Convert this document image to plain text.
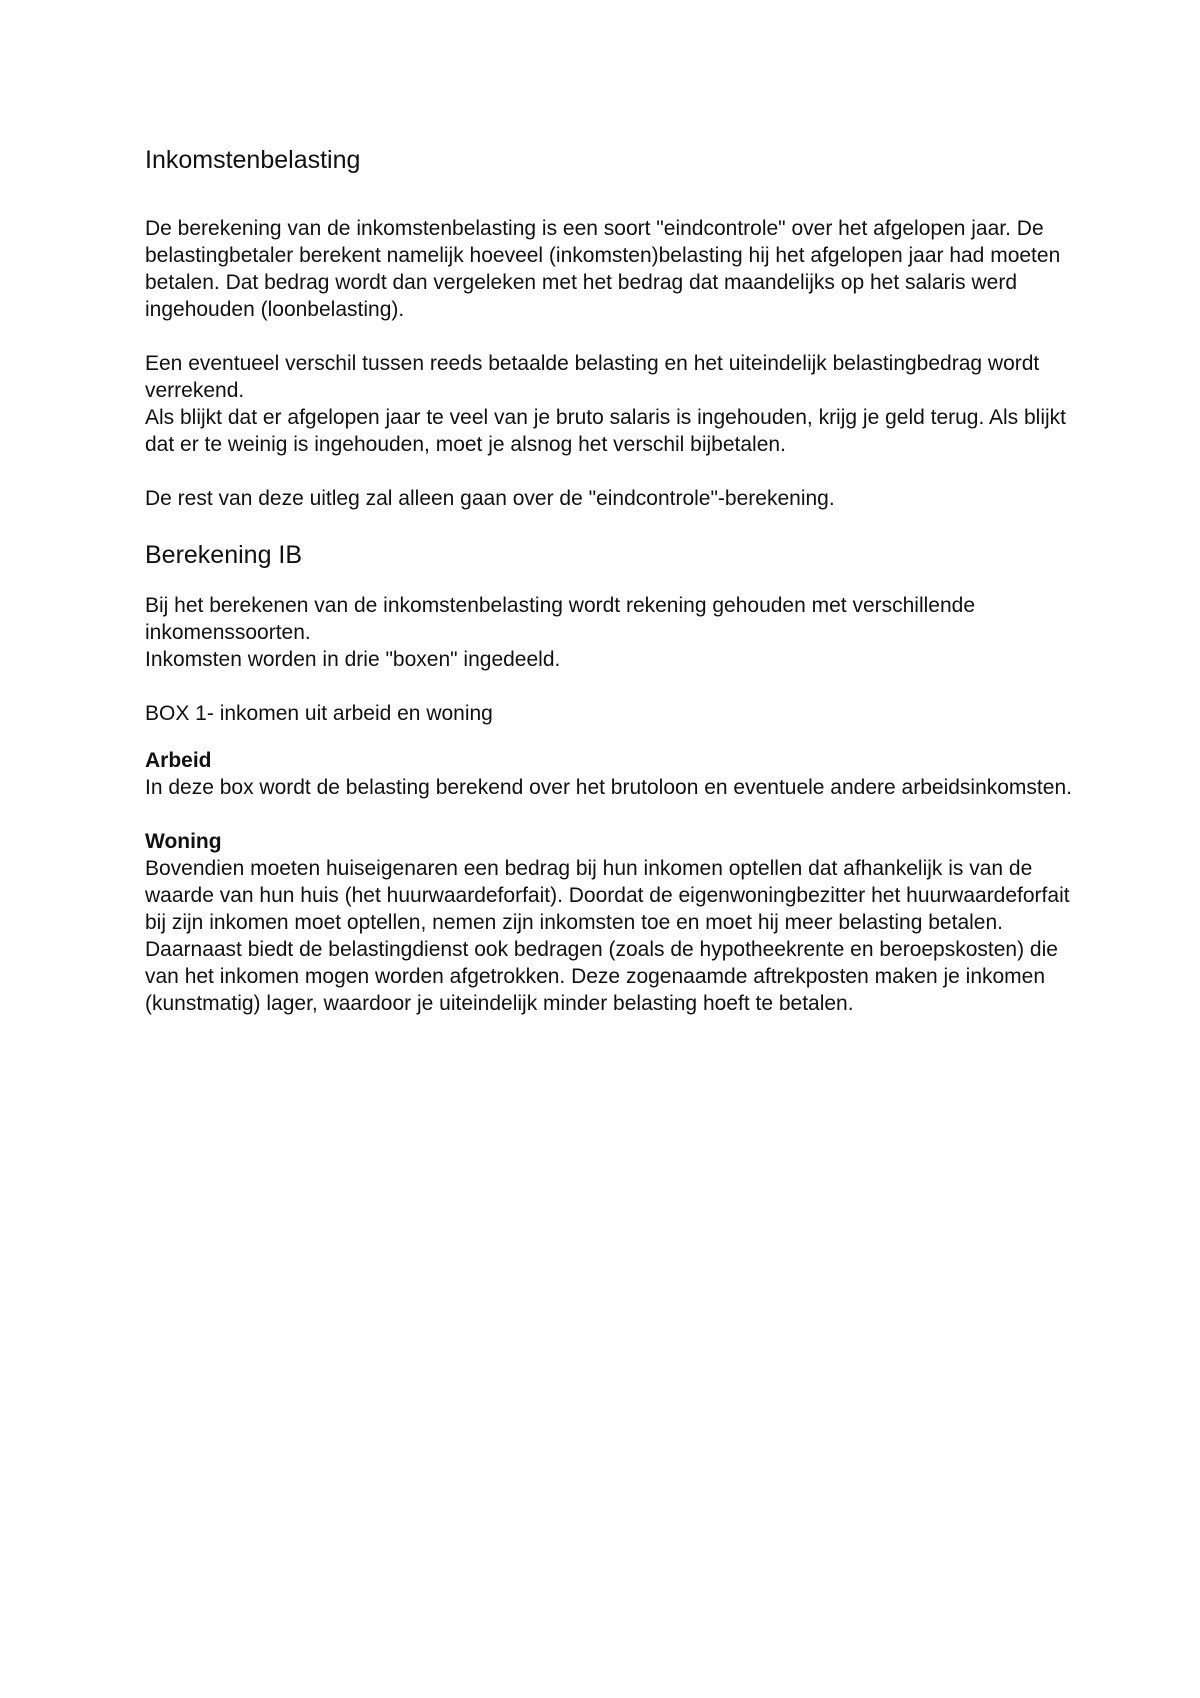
Inkomstenbelasting

De berekening van de inkomstenbelasting is een soort "eindcontrole" over het afgelopen jaar. De belastingbetaler berekent namelijk hoeveel (inkomsten)belasting hij het afgelopen jaar had moeten betalen. Dat bedrag wordt dan vergeleken met het bedrag dat maandelijks op het salaris werd ingehouden (loonbelasting).

Een eventueel verschil tussen reeds betaalde belasting en het uiteindelijk belastingbedrag wordt verrekend.

Als blijkt dat er afgelopen jaar te veel van je bruto salaris is ingehouden, krijg je geld terug. Als blijkt dat er te weinig is ingehouden, moet je alsnog het verschil bijbetalen.

De rest van deze uitleg zal alleen gaan over de "eindcontrole"-berekening.

Berekening IB

Bij het berekenen van de inkomstenbelasting wordt rekening gehouden met verschillende inkomenssoorten.

Inkomsten worden in drie "boxen" ingedeeld.

BOX 1- inkomen uit arbeid en woning

Arbeid

In deze box wordt de belasting berekend over het brutoloon en eventuele andere arbeidsinkomsten.

Woning

Bovendien moeten huiseigenaren een bedrag bij hun inkomen optellen dat afhankelijk is van de waarde van hun huis (het huurwaardeforfait). Doordat de eigenwoningbezitter het huurwaardeforfait bij zijn inkomen moet optellen, nemen zijn inkomsten toe en moet hij meer belasting betalen.

Daarnaast biedt de belastingdienst ook bedragen (zoals de hypotheekrente en beroepskosten) die van het inkomen mogen worden afgetrokken. Deze zogenaamde aftrekposten maken je inkomen (kunstmatig) lager, waardoor je uiteindelijk minder belasting hoeft te betalen.
